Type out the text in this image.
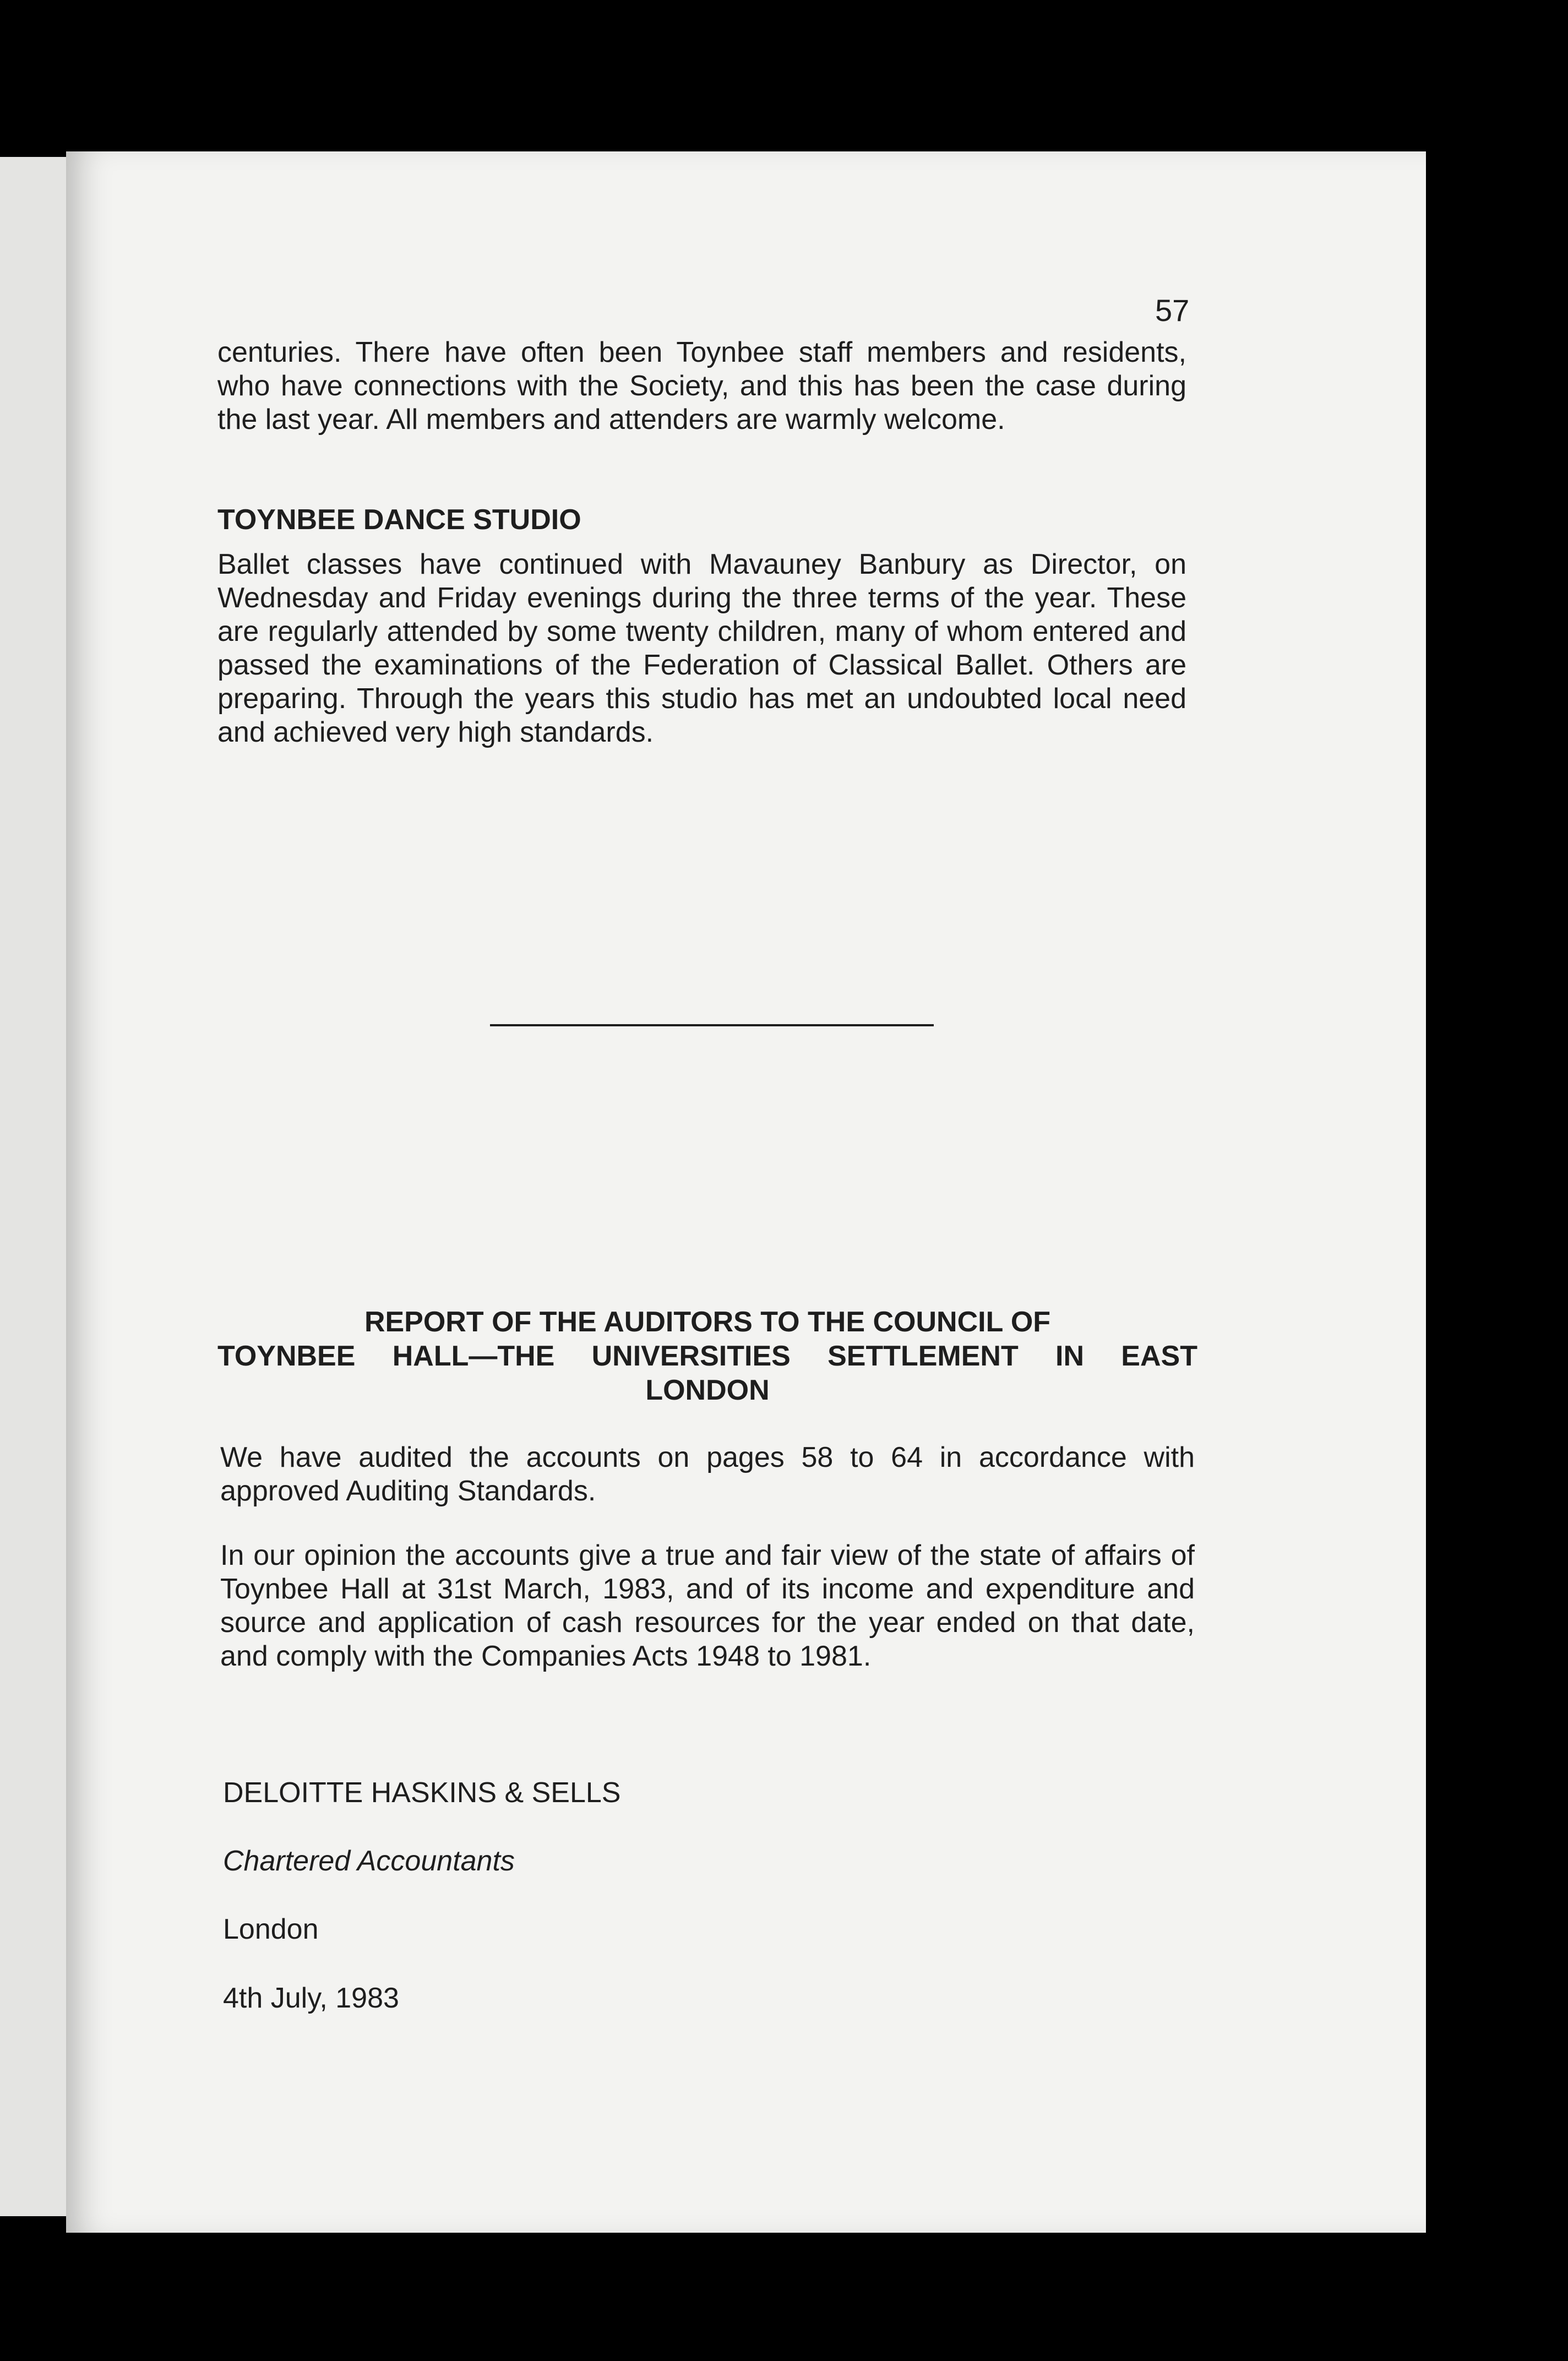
57

centuries. There have often been Toynbee staff members and residents, who have connections with the Society, and this has been the case during the last year. All members and attenders are warmly welcome.

TOYNBEE DANCE STUDIO

Ballet classes have continued with Mavauney Banbury as Director, on Wednesday and Friday evenings during the three terms of the year. These are regularly attended by some twenty children, many of whom entered and passed the examinations of the Federation of Classical Ballet. Others are preparing. Through the years this studio has met an undoubted local need and achieved very high standards.

REPORT OF THE AUDITORS TO THE COUNCIL OF
TOYNBEE HALL—THE UNIVERSITIES SETTLEMENT IN EAST
LONDON

We have audited the accounts on pages 58 to 64 in accordance with approved Auditing Standards.

In our opinion the accounts give a true and fair view of the state of affairs of Toynbee Hall at 31st March, 1983, and of its income and expenditure and source and application of cash resources for the year ended on that date, and comply with the Companies Acts 1948 to 1981.

DELOITTE HASKINS & SELLS

Chartered Accountants

London

4th July, 1983
